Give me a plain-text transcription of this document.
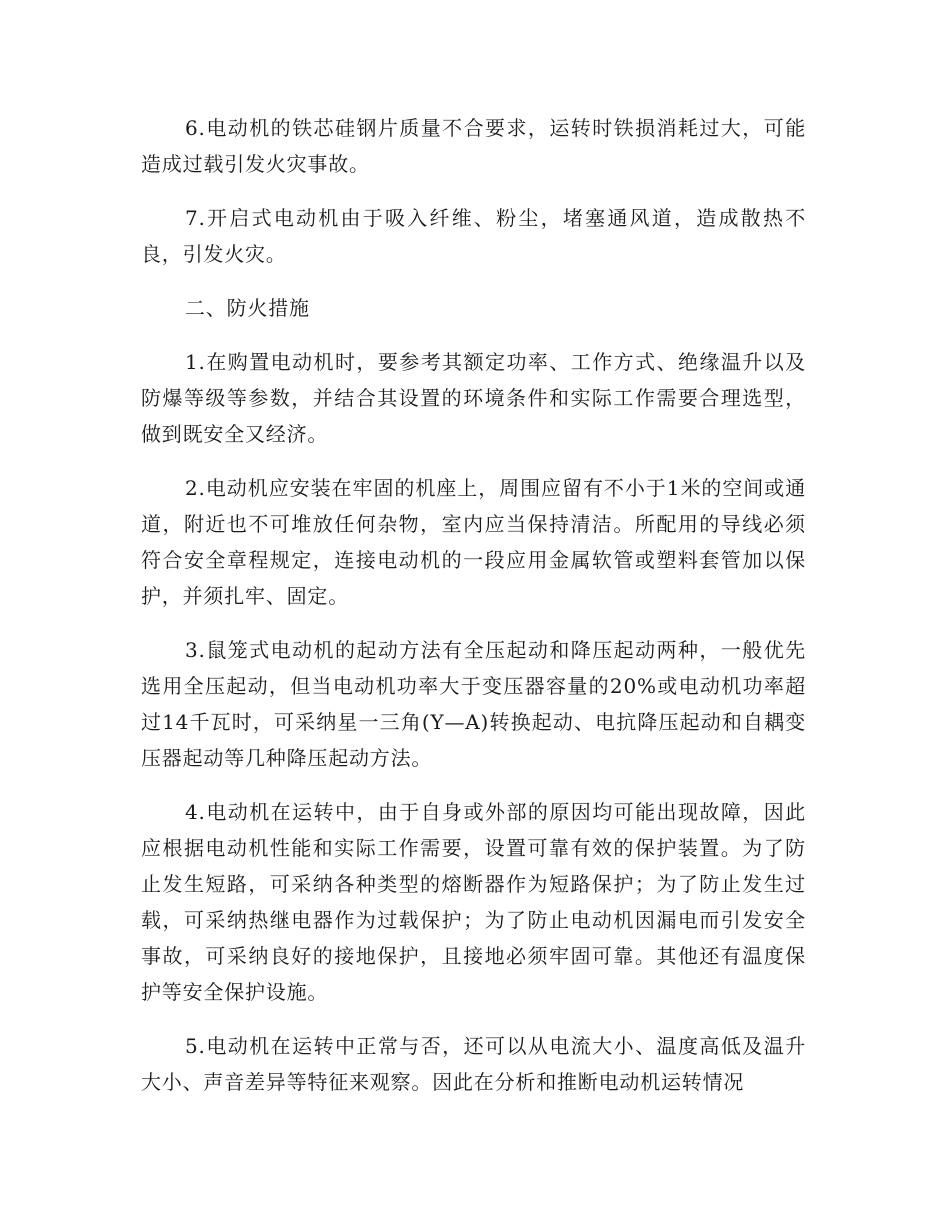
6.电动机的铁芯硅钢片质量不合要求，运转时铁损消耗过大，可能造成过载引发火灾事故。

7.开启式电动机由于吸入纤维、粉尘，堵塞通风道，造成散热不良，引发火灾。

二、防火措施

1.在购置电动机时，要参考其额定功率、工作方式、绝缘温升以及防爆等级等参数，并结合其设置的环境条件和实际工作需要合理选型，做到既安全又经济。

2.电动机应安装在牢固的机座上，周围应留有不小于1米的空间或通道，附近也不可堆放任何杂物，室内应当保持清洁。所配用的导线必须符合安全章程规定，连接电动机的一段应用金属软管或塑料套管加以保护，并须扎牢、固定。

3.鼠笼式电动机的起动方法有全压起动和降压起动两种，一般优先选用全压起动，但当电动机功率大于变压器容量的20%或电动机功率超过14千瓦时，可采纳星一三角(Y—A)转换起动、电抗降压起动和自耦变压器起动等几种降压起动方法。

4.电动机在运转中，由于自身或外部的原因均可能出现故障，因此应根据电动机性能和实际工作需要，设置可靠有效的保护装置。为了防止发生短路，可采纳各种类型的熔断器作为短路保护；为了防止发生过载，可采纳热继电器作为过载保护；为了防止电动机因漏电而引发安全事故，可采纳良好的接地保护，且接地必须牢固可靠。其他还有温度保护等安全保护设施。

5.电动机在运转中正常与否，还可以从电流大小、温度高低及温升大小、声音差异等特征来观察。因此在分析和推断电动机运转情况
